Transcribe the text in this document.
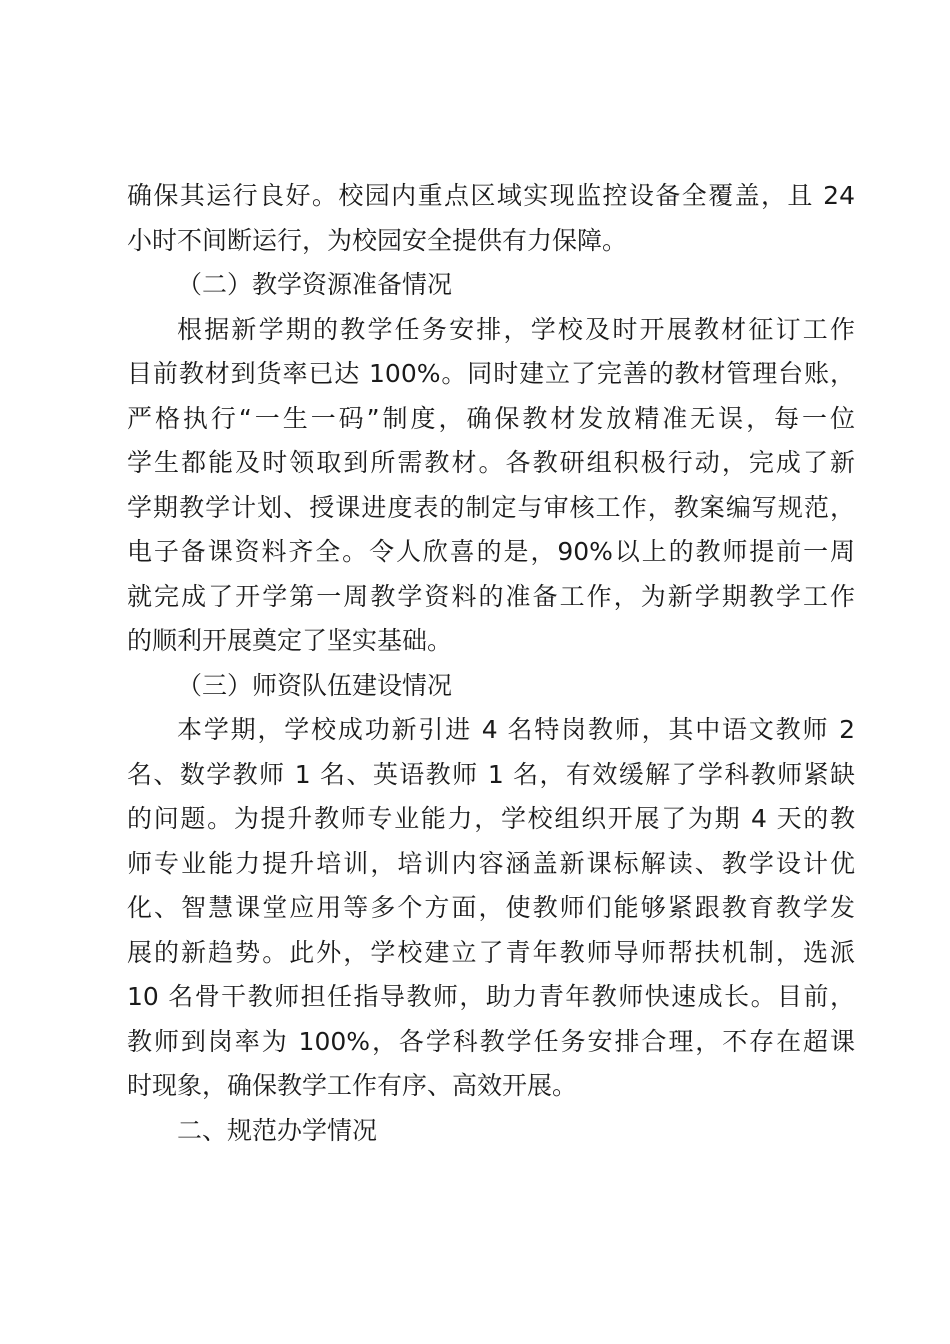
确保其运行良好。校园内重点区域实现监控设备全覆盖，且 24
小时不间断运行，为校园安全提供有力保障。
（二）教学资源准备情况
根据新学期的教学任务安排，学校及时开展教材征订工作
目前教材到货率已达 100%。同时建立了完善的教材管理台账，
严格执行“一生一码”制度，确保教材发放精准无误，每一位
学生都能及时领取到所需教材。各教研组积极行动，完成了新
学期教学计划、授课进度表的制定与审核工作，教案编写规范，
电子备课资料齐全。令人欣喜的是，90%以上的教师提前一周
就完成了开学第一周教学资料的准备工作，为新学期教学工作
的顺利开展奠定了坚实基础。
（三）师资队伍建设情况
本学期，学校成功新引进 4 名特岗教师，其中语文教师 2
名、数学教师 1 名、英语教师 1 名，有效缓解了学科教师紧缺
的问题。为提升教师专业能力，学校组织开展了为期 4 天的教
师专业能力提升培训，培训内容涵盖新课标解读、教学设计优
化、智慧课堂应用等多个方面，使教师们能够紧跟教育教学发
展的新趋势。此外，学校建立了青年教师导师帮扶机制，选派
10 名骨干教师担任指导教师，助力青年教师快速成长。目前，
教师到岗率为 100%，各学科教学任务安排合理，不存在超课
时现象，确保教学工作有序、高效开展。
二、规范办学情况
